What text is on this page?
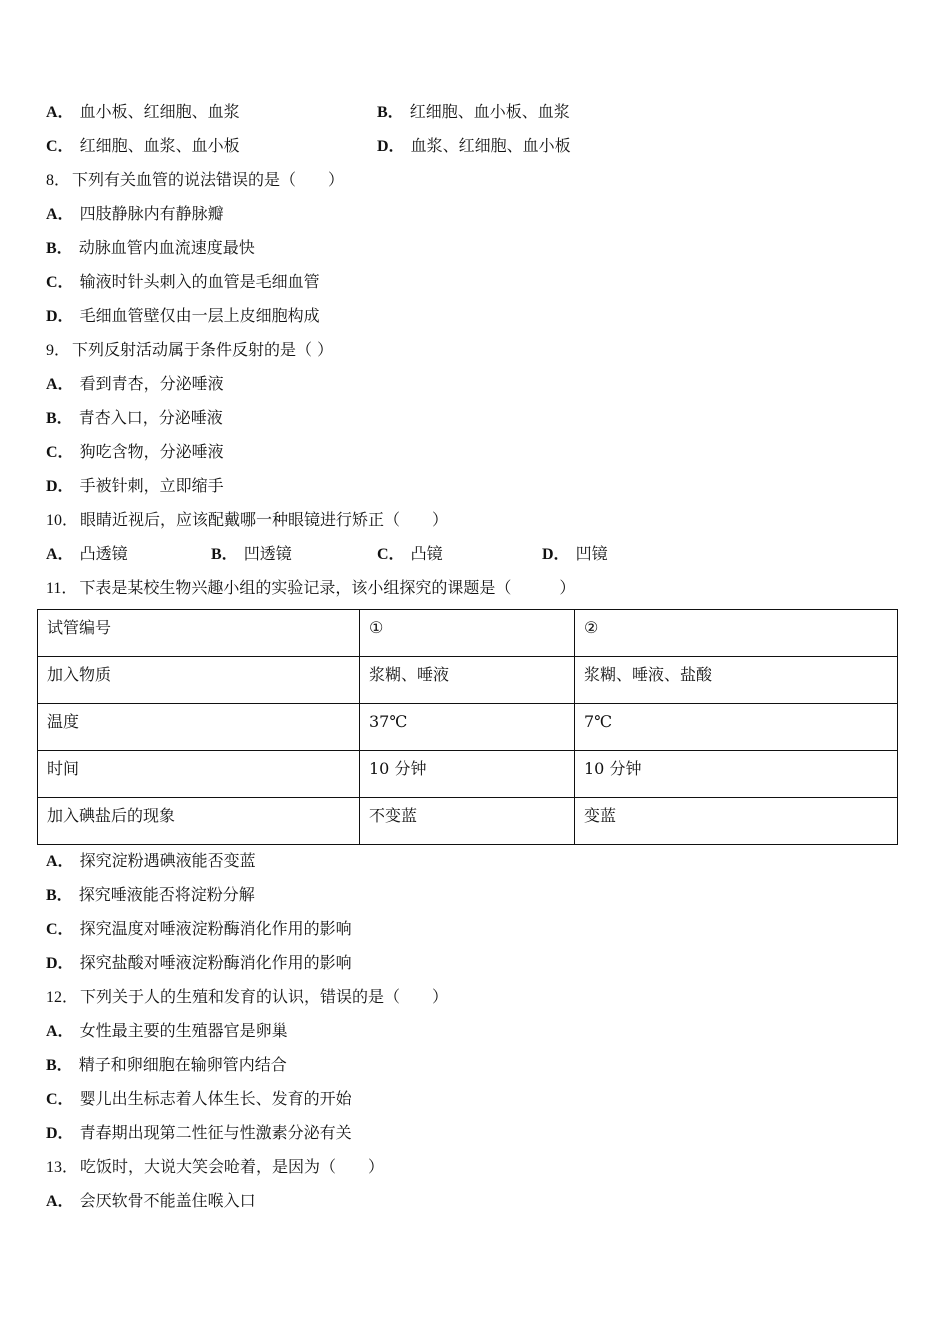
A． 血小板、红细胞、血浆	B． 红细胞、血小板、血浆
C． 红细胞、血浆、血小板	D． 血浆、红细胞、血小板
8． 下列有关血管的说法错误的是（　　）
A． 四肢静脉内有静脉瓣
B． 动脉血管内血流速度最快
C． 输液时针头刺入的血管是毛细血管
D． 毛细血管壁仅由一层上皮细胞构成
9． 下列反射活动属于条件反射的是（ ）
A． 看到青杏，分泌唾液
B． 青杏入口，分泌唾液
C． 狗吃含物，分泌唾液
D． 手被针刺，立即缩手
10． 眼睛近视后，应该配戴哪一种眼镜进行矫正（　　）
A． 凸透镜	B． 凹透镜	C． 凸镜	D． 凹镜
11． 下表是某校生物兴趣小组的实验记录，该小组探究的课题是（　　　）
试管编号	①	②
加入物质	浆糊、唾液	浆糊、唾液、盐酸
温度	37℃	7℃
时间	10 分钟	10 分钟
加入碘盐后的现象	不变蓝	变蓝
A． 探究淀粉遇碘液能否变蓝
B． 探究唾液能否将淀粉分解
C． 探究温度对唾液淀粉酶消化作用的影响
D． 探究盐酸对唾液淀粉酶消化作用的影响
12． 下列关于人的生殖和发育的认识，错误的是（　　）
A． 女性最主要的生殖器官是卵巢
B． 精子和卵细胞在输卵管内结合
C． 婴儿出生标志着人体生长、发育的开始
D． 青春期出现第二性征与性激素分泌有关
13． 吃饭时，大说大笑会呛着，是因为（　　）
A． 会厌软骨不能盖住喉入口
